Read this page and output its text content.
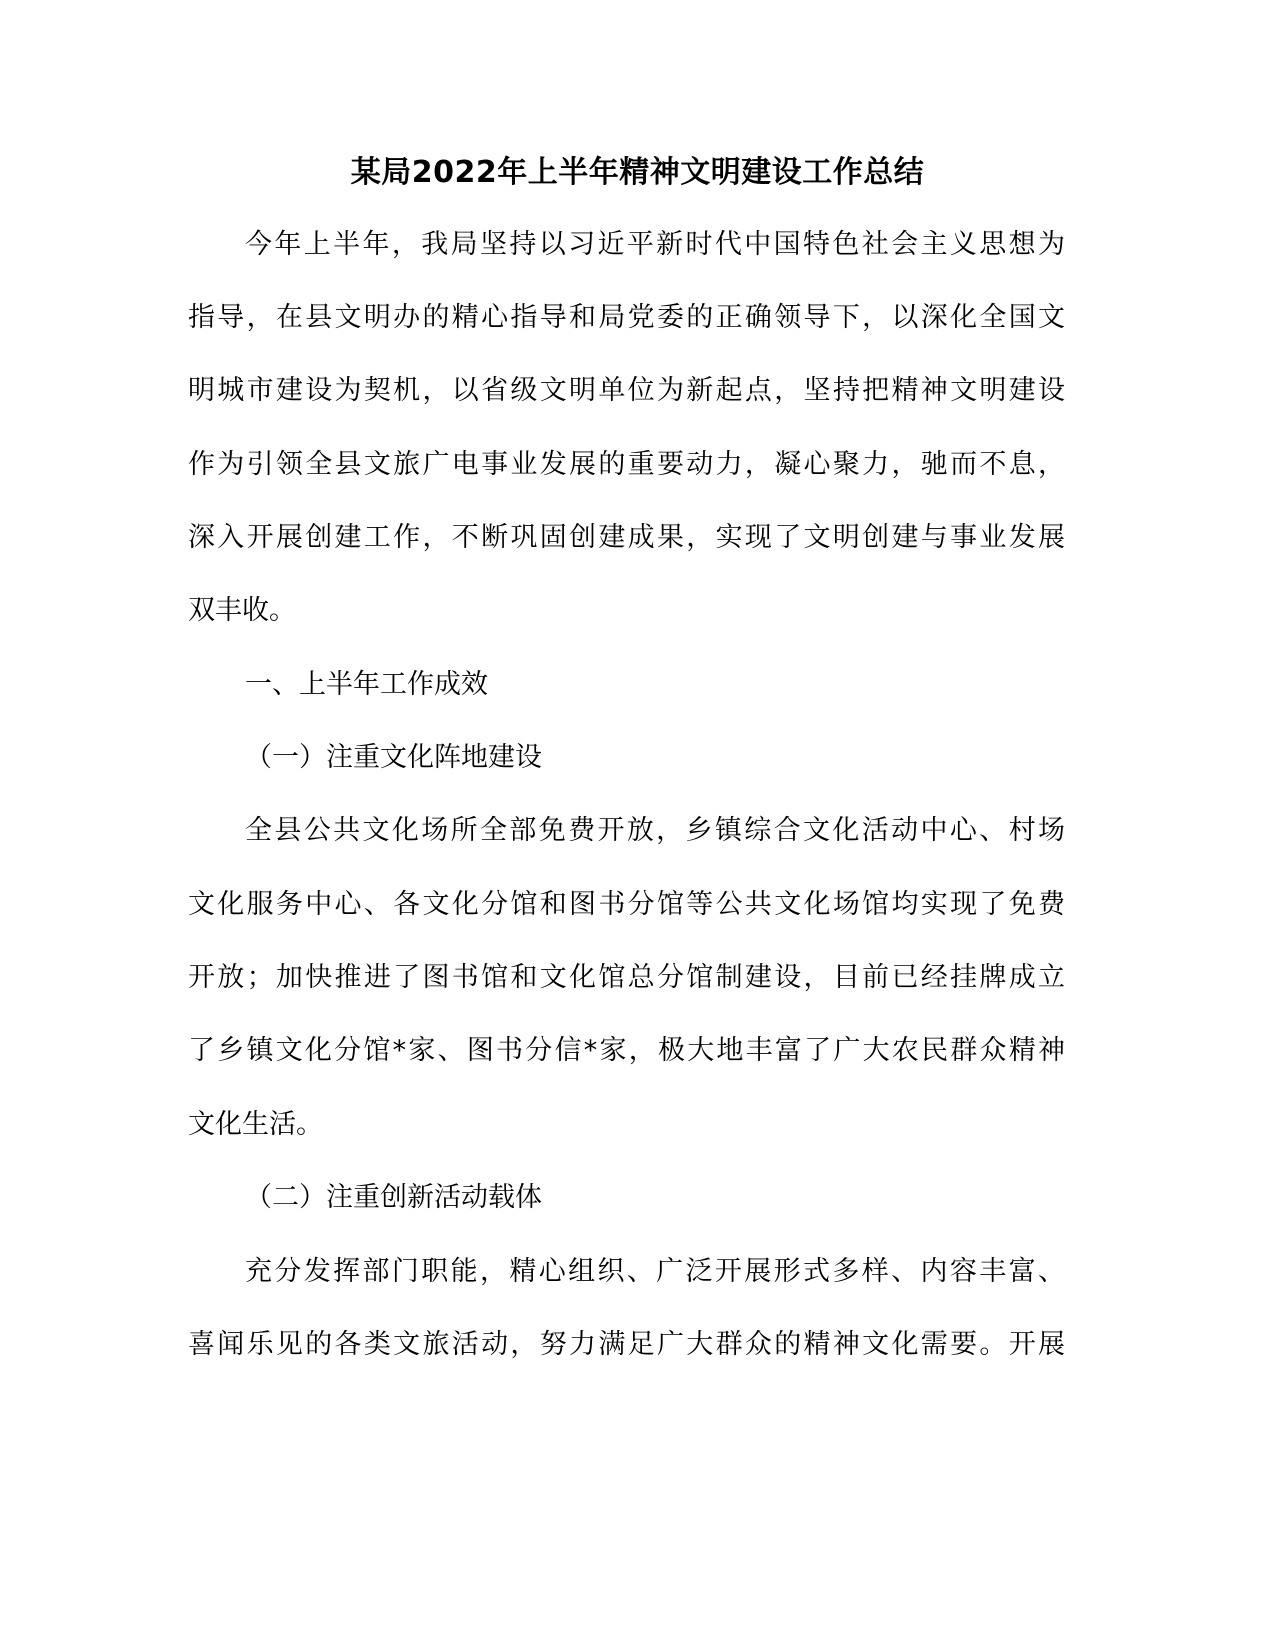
某局2022年上半年精神文明建设工作总结
今年上半年，我局坚持以习近平新时代中国特色社会主义思想为
指导，在县文明办的精心指导和局党委的正确领导下，以深化全国文
明城市建设为契机，以省级文明单位为新起点，坚持把精神文明建设
作为引领全县文旅广电事业发展的重要动力，凝心聚力，驰而不息，
深入开展创建工作，不断巩固创建成果，实现了文明创建与事业发展
双丰收。
一、上半年工作成效
（一）注重文化阵地建设
全县公共文化场所全部免费开放，乡镇综合文化活动中心、村场
文化服务中心、各文化分馆和图书分馆等公共文化场馆均实现了免费
开放；加快推进了图书馆和文化馆总分馆制建设，目前已经挂牌成立
了乡镇文化分馆*家、图书分信*家，极大地丰富了广大农民群众精神
文化生活。
（二）注重创新活动载体
充分发挥部门职能，精心组织、广泛开展形式多样、内容丰富、
喜闻乐见的各类文旅活动，努力满足广大群众的精神文化需要。开展
